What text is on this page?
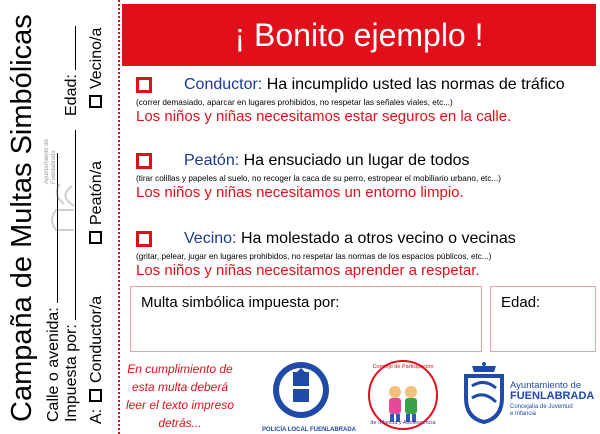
Campaña de Multas Simbólicas Calle o avenida: Impuesta por:
Edad:
A:
Conductor/a
Peatón/a
Vecino/a
Ayuntamiento de Fuenlabrada
¡ Bonito ejemplo !
Conductor: Ha incumplido usted las normas de tráfico
(correr demasiado, aparcar en lugares prohibidos, no respetar las señales viales, etc...)
Los niños y niñas necesitamos estar seguros en la calle.
Peatón: Ha ensuciado un lugar de todos
(tirar colillas y papeles al suelo, no recoger la caca de su perro, estropear el mobiliario urbano, etc...)
Los niños y niñas necesitamos un entorno limpio.
Vecino: Ha molestado a otros vecino o vecinas
(gritar, pelear, jugar en lugares prohibidos, no respetar las normas de los espacios públicos, etc...)
Los niños y niñas necesitamos aprender a respetar.
Multa simbólica impuesta por:	Edad:
En cumplimiento de esta multa deberá leer el texto impreso detrás...	POLICÍA LOCAL FUENLABRADA
Consejo de Participación
de Infancia y Adolescencia
Ayuntamiento de
FUENLABRADA
Concejalía de Juventud
e Infancia
